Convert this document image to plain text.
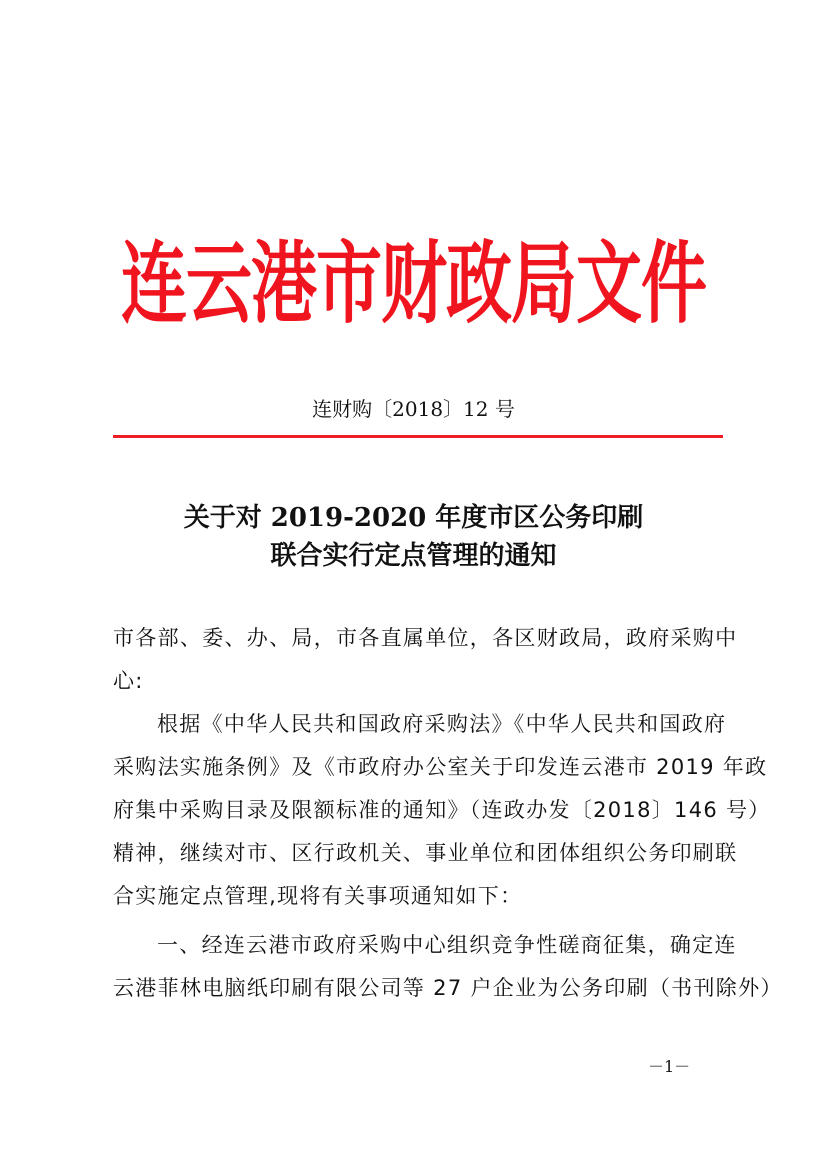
连云港市财政局文件
连财购〔2018〕12 号
关于对 2019-2020 年度市区公务印刷
联合实行定点管理的通知
市各部、委、办、局，市各直属单位，各区财政局，政府采购中
心:
根据《中华人民共和国政府采购法》《中华人民共和国政府
采购法实施条例》及《市政府办公室关于印发连云港市 2019 年政
府集中采购目录及限额标准的通知》（连政办发〔2018〕146 号）
精神，继续对市、区行政机关、事业单位和团体组织公务印刷联
合实施定点管理,现将有关事项通知如下：
一、经连云港市政府采购中心组织竞争性磋商征集，确定连
云港菲林电脑纸印刷有限公司等 27 户企业为公务印刷（书刊除外）
－1－
